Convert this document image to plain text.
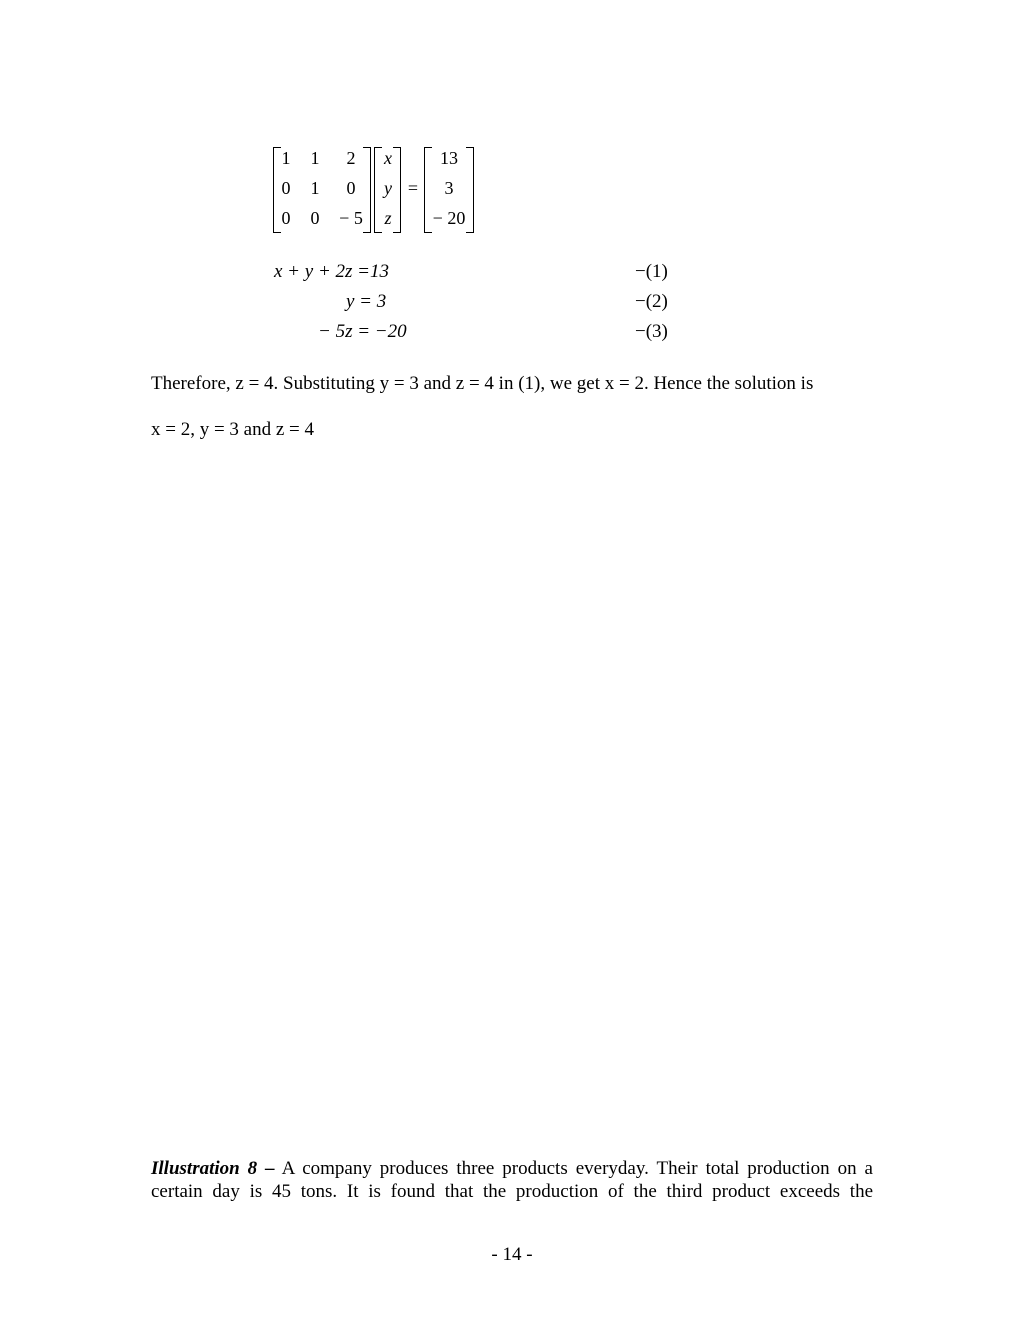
1	1	2
0	1	0
0	0	− 5
x
y
z
=
13
3
− 20
x + y + 2z =13	−(1)
y = 3	−(2)
− 5z = −20	−(3)
Therefore, z = 4. Substituting y = 3 and z = 4 in (1), we get x = 2. Hence the solution is
x = 2, y = 3 and z = 4
Illustration 8 – A company produces three products everyday. Their total production on a
certain day is 45 tons. It is found that the production of the third product exceeds the
- 14 -
